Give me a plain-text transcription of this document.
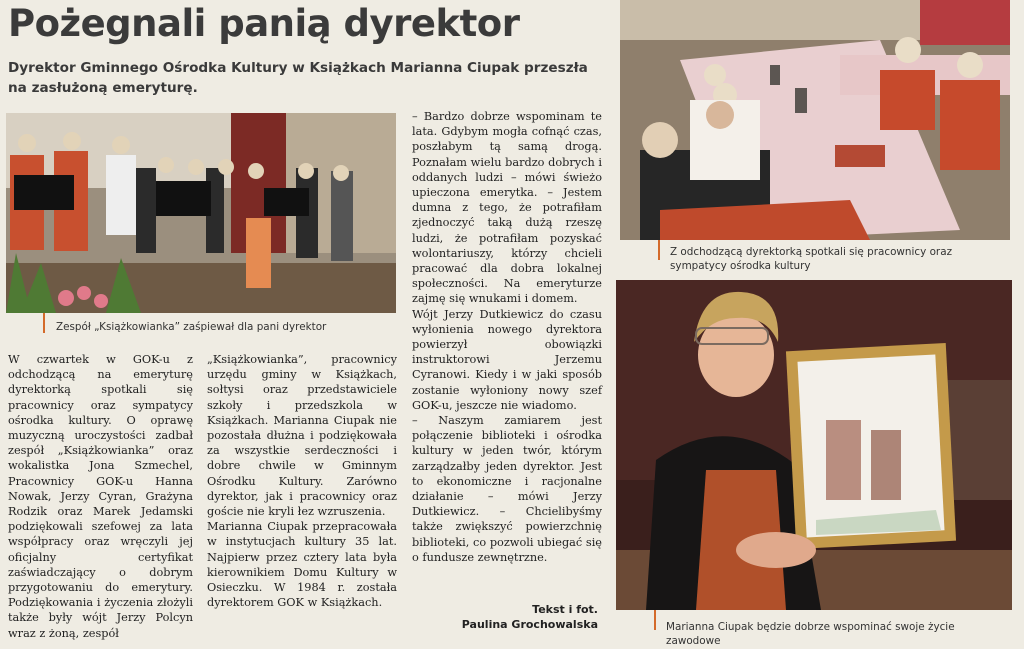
Pożegnali panią dyrektor

Dyrektor Gminnego Ośrodka Kultury w Książkach Marianna Ciupak przeszła na zasłużoną emeryturę.

Zespół „Książkowianka” zaśpiewał dla pani dyrektor
Z odchodzącą dyrektorką spotkali się pracownicy oraz sympatycy ośrodka kultury
Marianna Ciupak będzie dobrze wspominać swoje życie zawodowe
W czwartek w GOK-u z odchodzącą na emeryturę dyrektorką spotkali się pracownicy oraz sympatycy ośrodka kultury. O oprawę muzyczną uroczystości zadbał zespół „Książkowianka” oraz wokalistka Jona Szmechel, Pracownicy GOK-u Hanna Nowak, Jerzy Cyran, Grażyna Rodzik oraz Marek Jedamski podziękowali szefowej za lata współpracy oraz wręczyli jej oficjalny certyfikat zaświadczający o dobrym przygotowaniu do emerytury. Podziękowania i życzenia złożyli także były wójt Jerzy Polcyn wraz z żoną, zespół
„Książkowianka”, pracownicy urzędu gminy w Książkach, sołtysi oraz przedstawiciele szkoły i przedszkola w Książkach. Marianna Ciupak nie pozostała dłużna i podziękowała za wszystkie serdeczności i dobre chwile w Gminnym Ośrodku Kultury. Zarówno dyrektor, jak i pracownicy oraz goście nie kryli łez wzruszenia.
Marianna Ciupak przepracowała w instytucjach kultury 35 lat. Najpierw przez cztery lata była kierownikiem Domu Kultury w Osieczku. W 1984 r. została dyrektorem GOK w Książkach.
– Bardzo dobrze wspominam te lata. Gdybym mogła cofnąć czas, poszłabym tą samą drogą. Poznałam wielu bardzo dobrych i oddanych ludzi – mówi świeżo upieczona emerytka. – Jestem dumna z tego, że potrafiłam zjednoczyć taką dużą rzeszę ludzi, że potrafiłam pozyskać wolontariuszy, którzy chcieli pracować dla dobra lokalnej społeczności. Na emeryturze zajmę się wnukami i domem.
Wójt Jerzy Dutkiewicz do czasu wyłonienia nowego dyrektora powierzył obowiązki instruktorowi Jerzemu Cyranowi. Kiedy i w jaki sposób zostanie wyłoniony nowy szef GOK-u, jeszcze nie wiadomo.
– Naszym zamiarem jest połączenie biblioteki i ośrodka kultury w jeden twór, którym zarządzałby jeden dyrektor. Jest to ekonomiczne i racjonalne działanie – mówi Jerzy Dutkiewicz. – Chcielibyśmy także zwiększyć powierzchnię biblioteki, co pozwoli ubiegać się o fundusze zewnętrzne.
Tekst i fot.
Paulina Grochowalska
